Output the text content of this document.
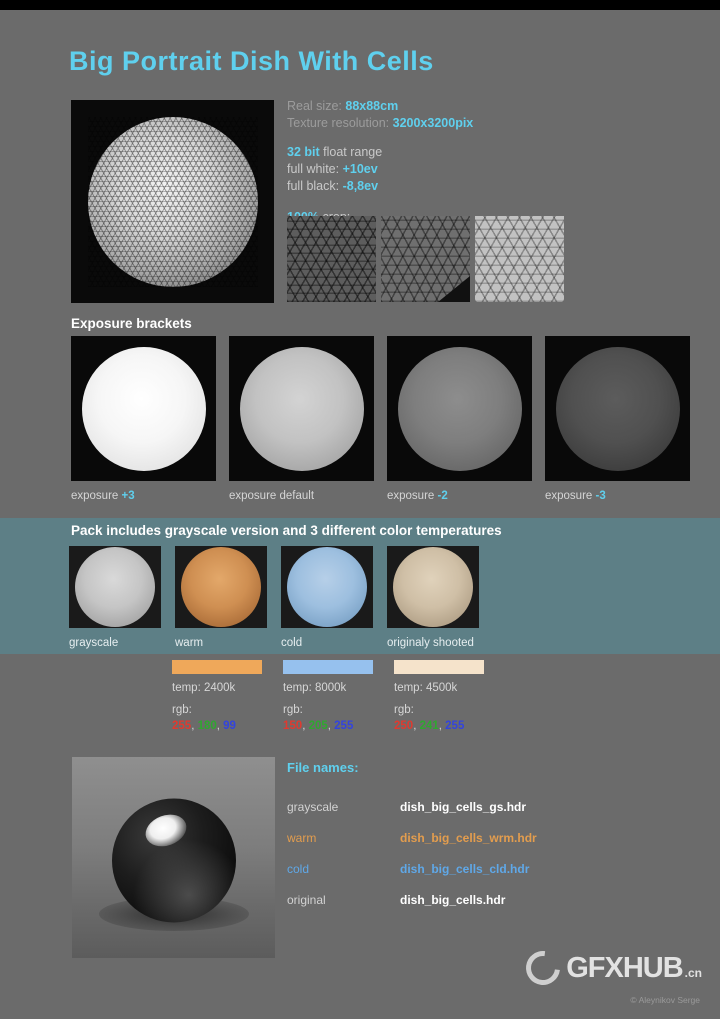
Big Portrait Dish With Cells
Real size: 88x88cm
Texture resolution: 3200x3200pix
32 bit float range
full white: +10ev
full black: -8,8ev
Exposure brackets
exposure +3	exposure default	exposure -2	exposure -3
Pack includes grayscale version and 3 different color temperatures
grayscale	warm	cold	originaly shooted
temp: 2400k
rgb:
255, 180, 99
temp: 8000k
rgb:
150, 205, 255
temp: 4500k
rgb:
250, 241, 255
File names:
grayscale	dish_big_cells_gs.hdr
warm	dish_big_cells_wrm.hdr
cold	dish_big_cells_cld.hdr
original	dish_big_cells.hdr
GFXHUB .cn
© Aleynikov Serge
